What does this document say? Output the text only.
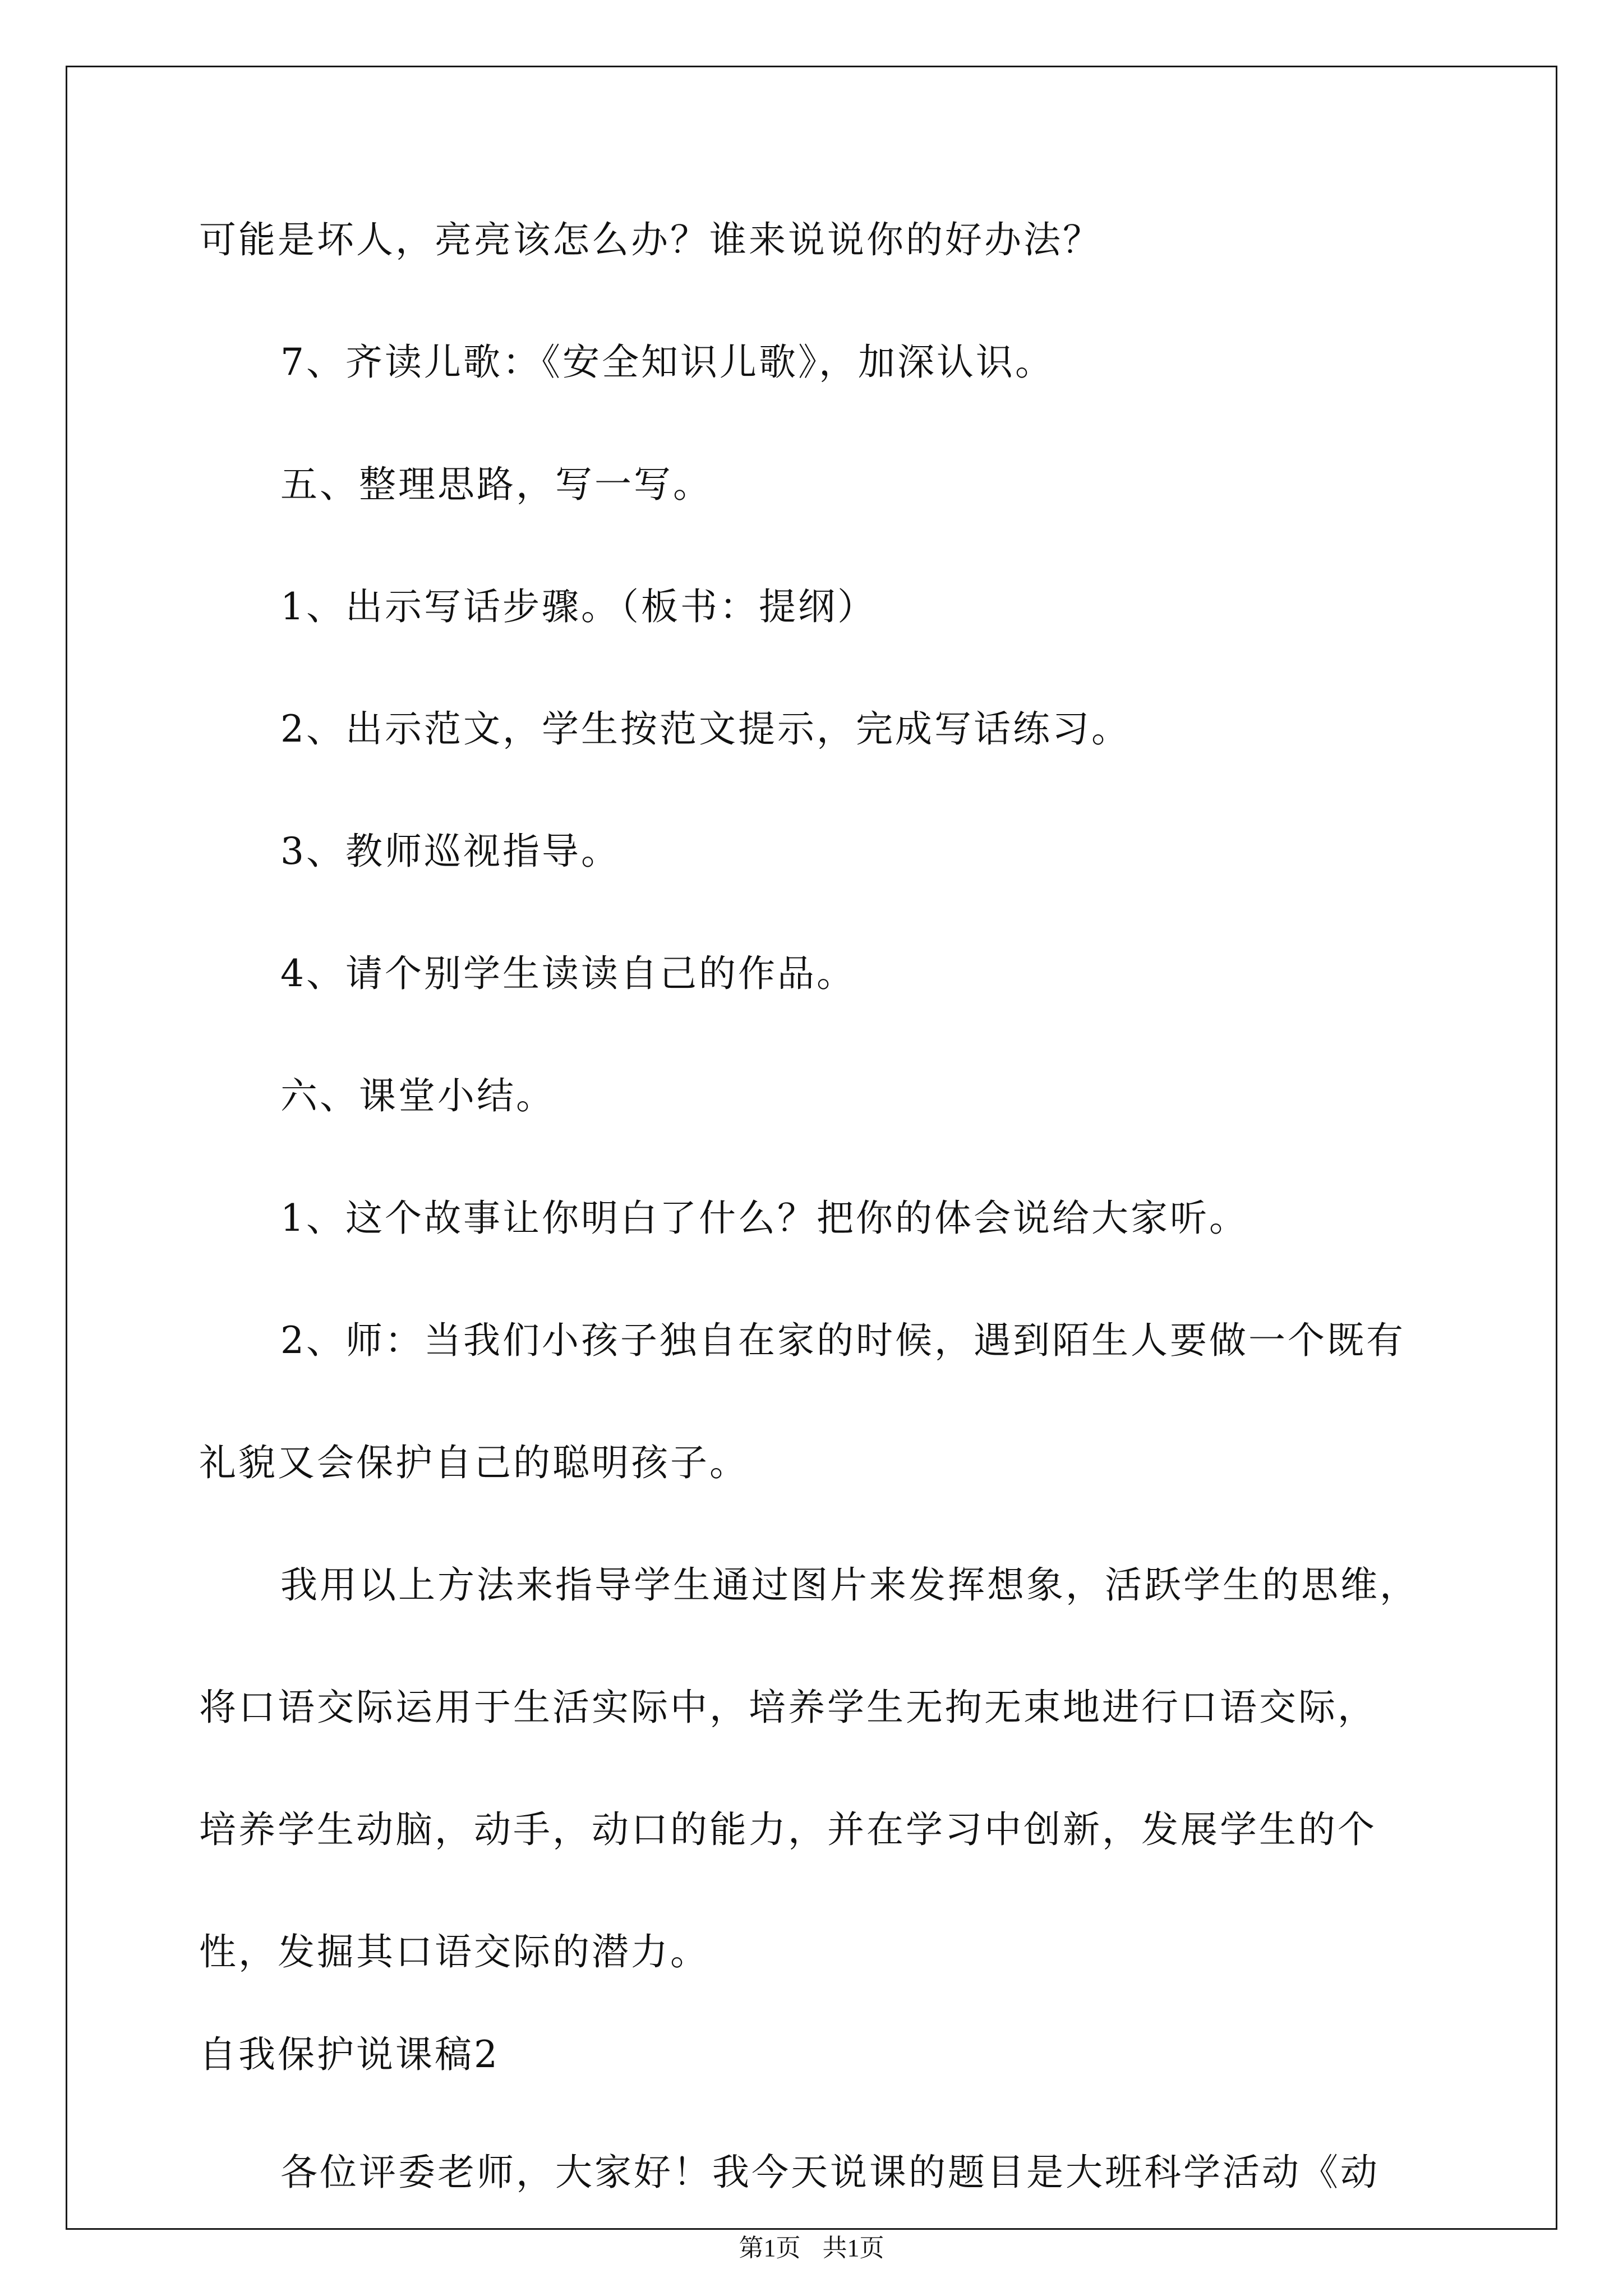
可能是坏人，亮亮该怎么办？谁来说说你的好办法？
7、齐读儿歌：《安全知识儿歌》，加深认识。
五、整理思路，写一写。
1、出示写话步骤。（板书：提纲）
2、出示范文，学生按范文提示，完成写话练习。
3、教师巡视指导。
4、请个别学生读读自己的作品。
六、课堂小结。
1、这个故事让你明白了什么？把你的体会说给大家听。
2、师：当我们小孩子独自在家的时候，遇到陌生人要做一个既有
礼貌又会保护自己的聪明孩子。
我用以上方法来指导学生通过图片来发挥想象，活跃学生的思维，
将口语交际运用于生活实际中，培养学生无拘无束地进行口语交际，
培养学生动脑，动手，动口的能力，并在学习中创新，发展学生的个
性，发掘其口语交际的潜力。
自我保护说课稿2
各位评委老师，大家好！我今天说课的题目是大班科学活动《动
第1页 共1页
